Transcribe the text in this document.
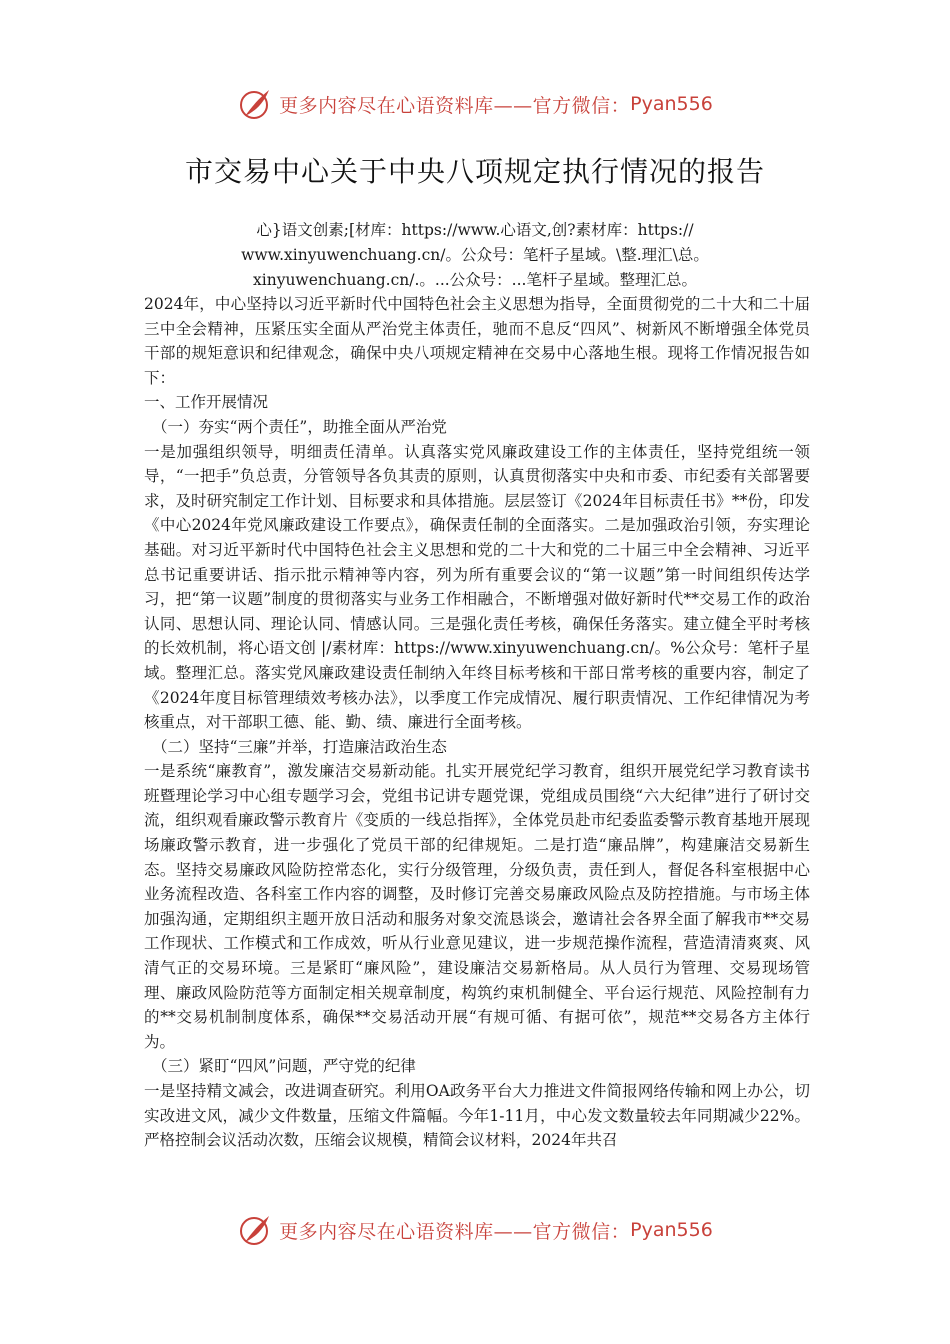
更多内容尽在心语资料库——官方微信： Pyan556
市交易中心关于中央八项规定执行情况的报告
心}语文创素;[材库：https://www.心语文,创?素材库：https://
www.xinyuwenchuang.cn/。公众号：笔杆子星域。\整.理汇\总。
xinyuwenchuang.cn/.。...公众号：...笔杆子星域。整理汇总。

2024年，中心坚持以习近平新时代中国特色社会主义思想为指导，全面贯彻党的二十大和二十届三中全会精神，压紧压实全面从严治党主体责任，驰而不息反“四风”、树新风不断增强全体党员干部的规矩意识和纪律观念，确保中央八项规定精神在交易中心落地生根。现将工作情况报告如下：

一、工作开展情况

（一）夯实“两个责任”，助推全面从严治党

一是加强组织领导，明细责任清单。认真落实党风廉政建设工作的主体责任，坚持党组统一领导，“一把手”负总责，分管领导各负其责的原则，认真贯彻落实中央和市委、市纪委有关部署要求，及时研究制定工作计划、目标要求和具体措施。层层签订《2024年目标责任书》**份，印发《中心2024年党风廉政建设工作要点》，确保责任制的全面落实。二是加强政治引领，夯实理论基础。对习近平新时代中国特色社会主义思想和党的二十大和党的二十届三中全会精神、习近平总书记重要讲话、指示批示精神等内容，列为所有重要会议的“第一议题”第一时间组织传达学习，把“第一议题”制度的贯彻落实与业务工作相融合，不断增强对做好新时代**交易工作的政治认同、思想认同、理论认同、情感认同。三是强化责任考核，确保任务落实。建立健全平时考核的长效机制，将心语文创 |/素材库：https://www.xinyuwenchuang.cn/。%公众号：笔杆子星域。整理汇总。落实党风廉政建设责任制纳入年终目标考核和干部日常考核的重要内容，制定了《2024年度目标管理绩效考核办法》，以季度工作完成情况、履行职责情况、工作纪律情况为考核重点，对干部职工德、能、勤、绩、廉进行全面考核。

（二）坚持“三廉”并举，打造廉洁政治生态

一是系统“廉教育”，激发廉洁交易新动能。扎实开展党纪学习教育，组织开展党纪学习教育读书班暨理论学习中心组专题学习会，党组书记讲专题党课，党组成员围绕“六大纪律”进行了研讨交流，组织观看廉政警示教育片《变质的一线总指挥》，全体党员赴市纪委监委警示教育基地开展现场廉政警示教育，进一步强化了党员干部的纪律规矩。二是打造“廉品牌”，构建廉洁交易新生态。坚持交易廉政风险防控常态化，实行分级管理，分级负责，责任到人，督促各科室根据中心业务流程改造、各科室工作内容的调整，及时修订完善交易廉政风险点及防控措施。与市场主体加强沟通，定期组织主题开放日活动和服务对象交流恳谈会，邀请社会各界全面了解我市**交易工作现状、工作模式和工作成效，听从行业意见建议，进一步规范操作流程，营造清清爽爽、风清气正的交易环境。三是紧盯“廉风险”，建设廉洁交易新格局。从人员行为管理、交易现场管理、廉政风险防范等方面制定相关规章制度，构筑约束机制健全、平台运行规范、风险控制有力的**交易机制制度体系，确保**交易活动开展“有规可循、有据可依”，规范**交易各方主体行为。

（三）紧盯“四风”问题，严守党的纪律

一是坚持精文减会，改进调查研究。利用OA政务平台大力推进文件简报网络传输和网上办公，切实改进文风，减少文件数量，压缩文件篇幅。今年1-11月，中心发文数量较去年同期减少22%。严格控制会议活动次数，压缩会议规模，精简会议材料，2024年共召

更多内容尽在心语资料库——官方微信： Pyan556
